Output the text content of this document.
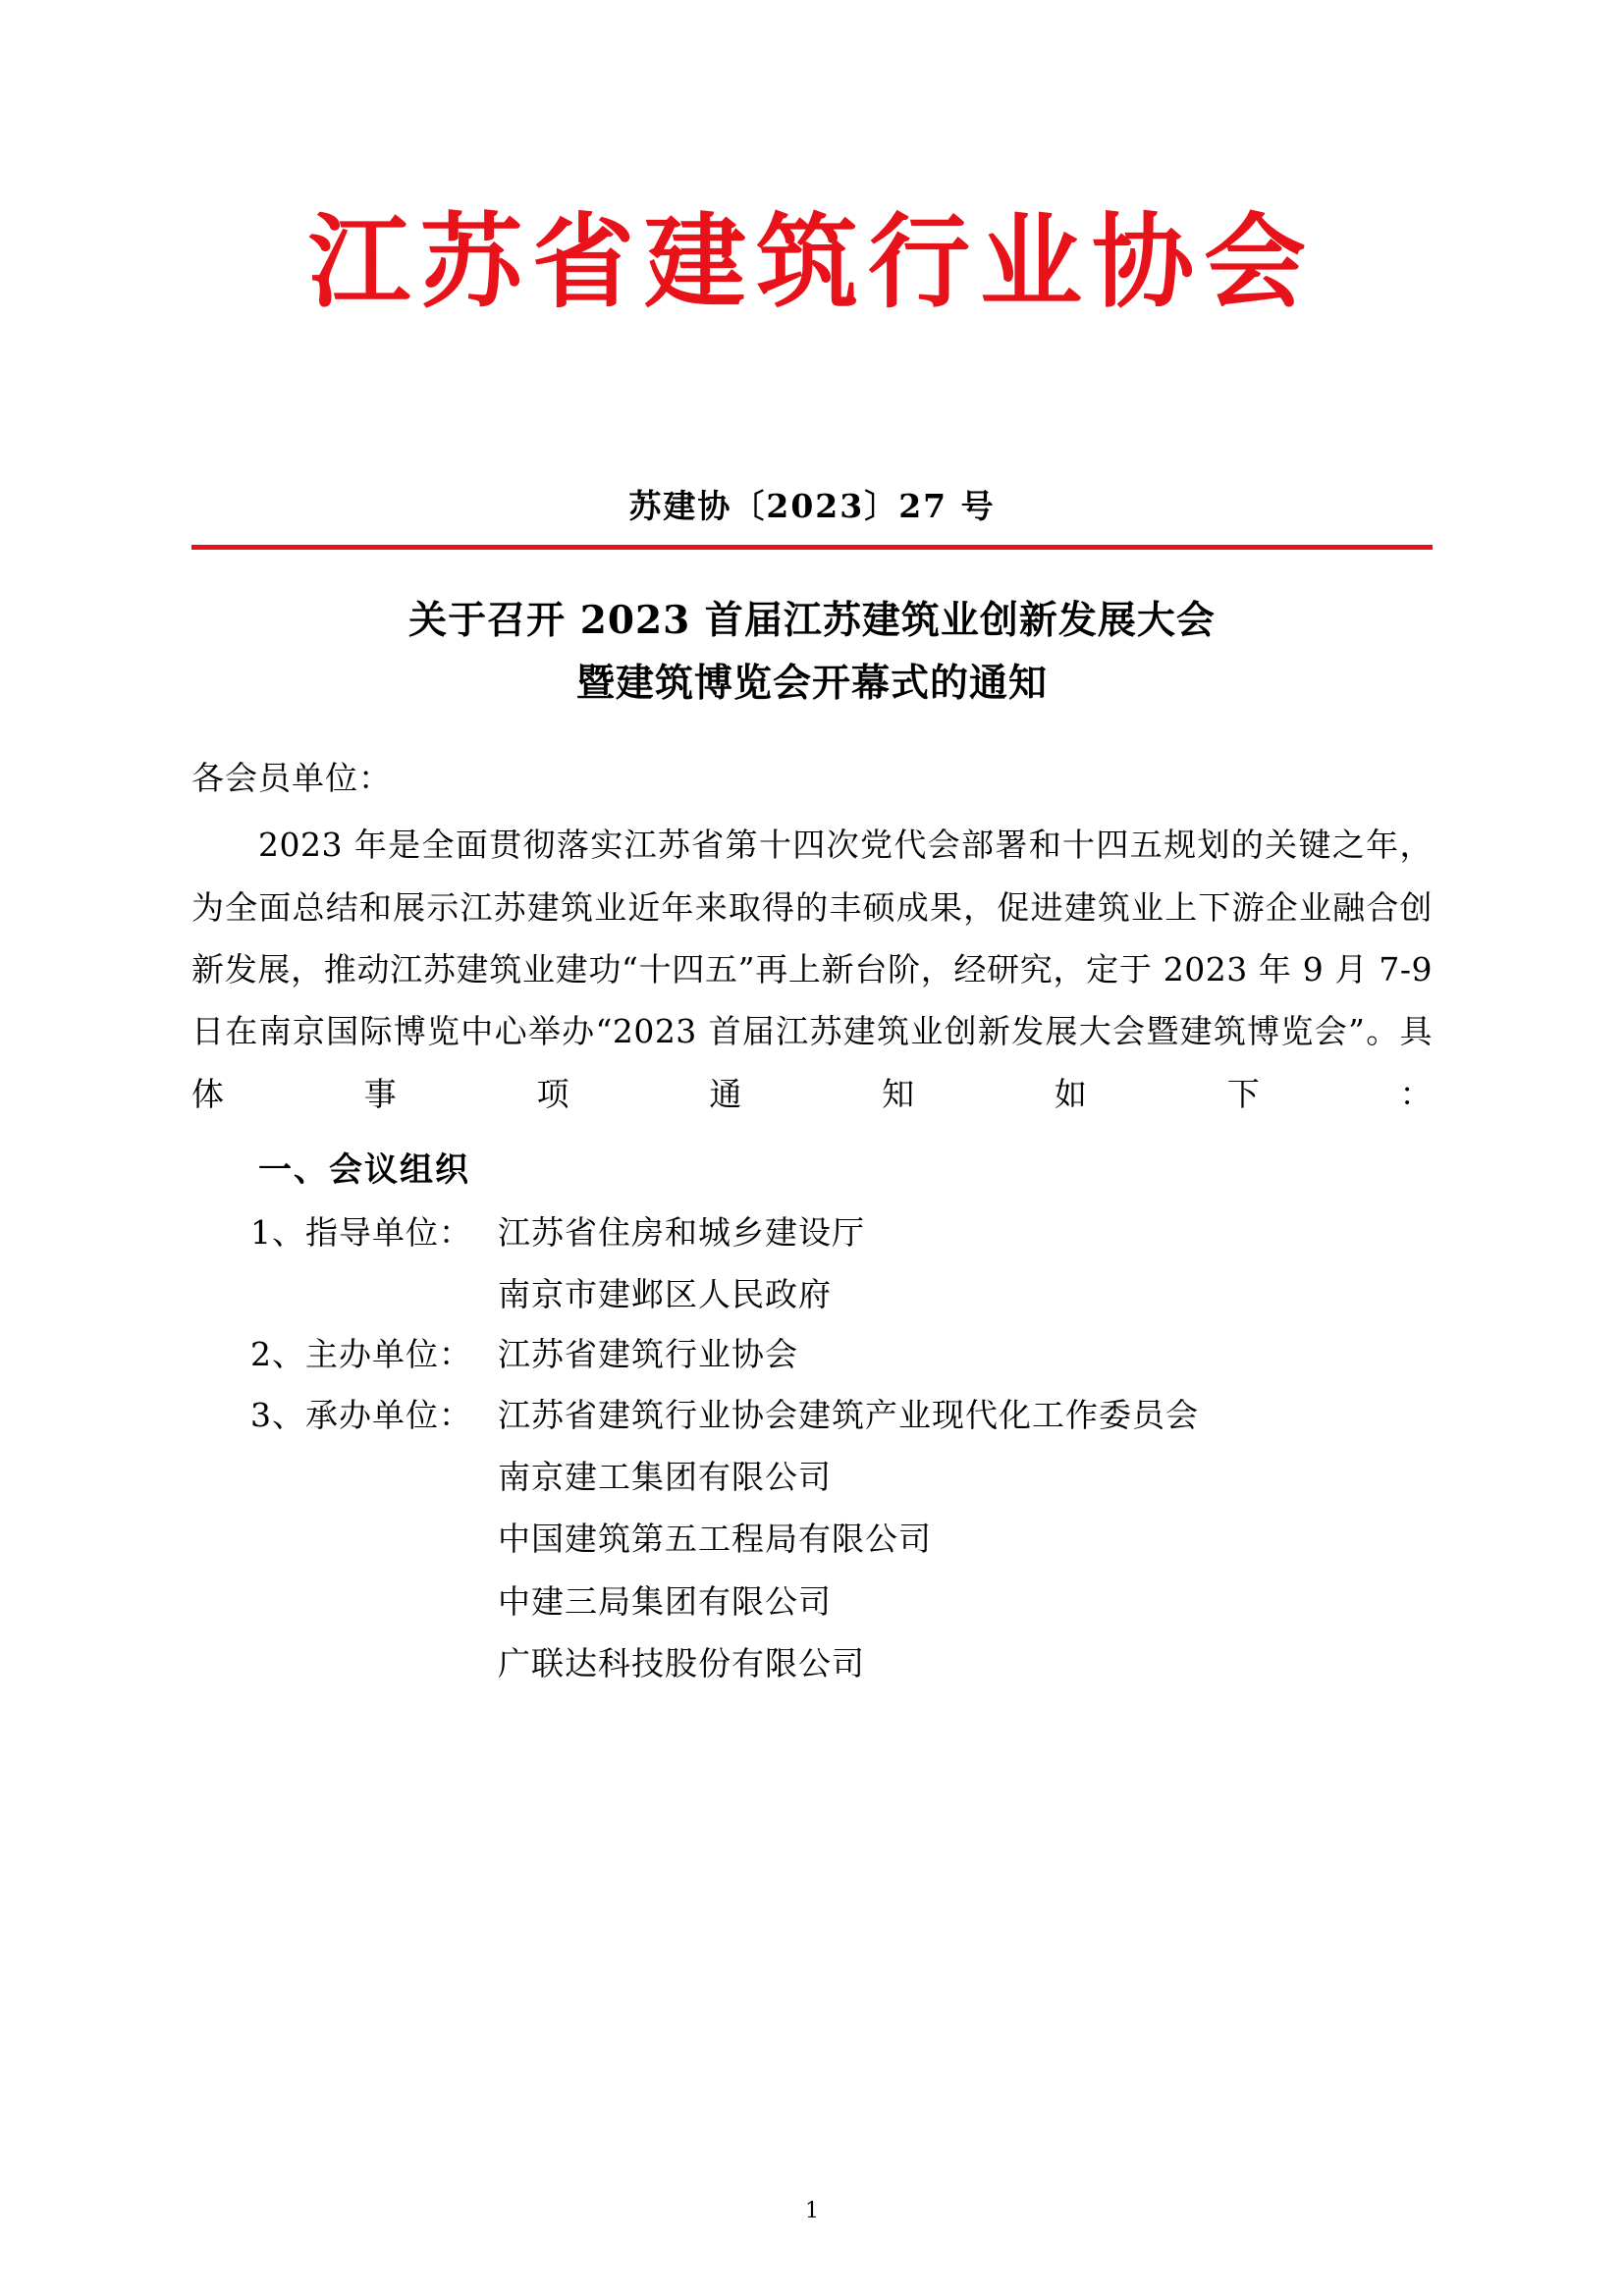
江苏省建筑行业协会
苏建协〔2023〕27 号
关于召开 2023 首届江苏建筑业创新发展大会
暨建筑博览会开幕式的通知
各会员单位：

2023 年是全面贯彻落实江苏省第十四次党代会部署和十四五规划的关键之年，为全面总结和展示江苏建筑业近年来取得的丰硕成果，促进建筑业上下游企业融合创新发展，推动江苏建筑业建功“十四五”再上新台阶，经研究，定于 2023 年 9 月 7-9 日在南京国际博览中心举办“2023 首届江苏建筑业创新发展大会暨建筑博览会”。具体事项通知如下：

一、会议组织
1、指导单位： 江苏省住房和城乡建设厅
南京市建邺区人民政府
2、主办单位： 江苏省建筑行业协会
3、承办单位： 江苏省建筑行业协会建筑产业现代化工作委员会
南京建工集团有限公司
中国建筑第五工程局有限公司
中建三局集团有限公司
广联达科技股份有限公司
1
